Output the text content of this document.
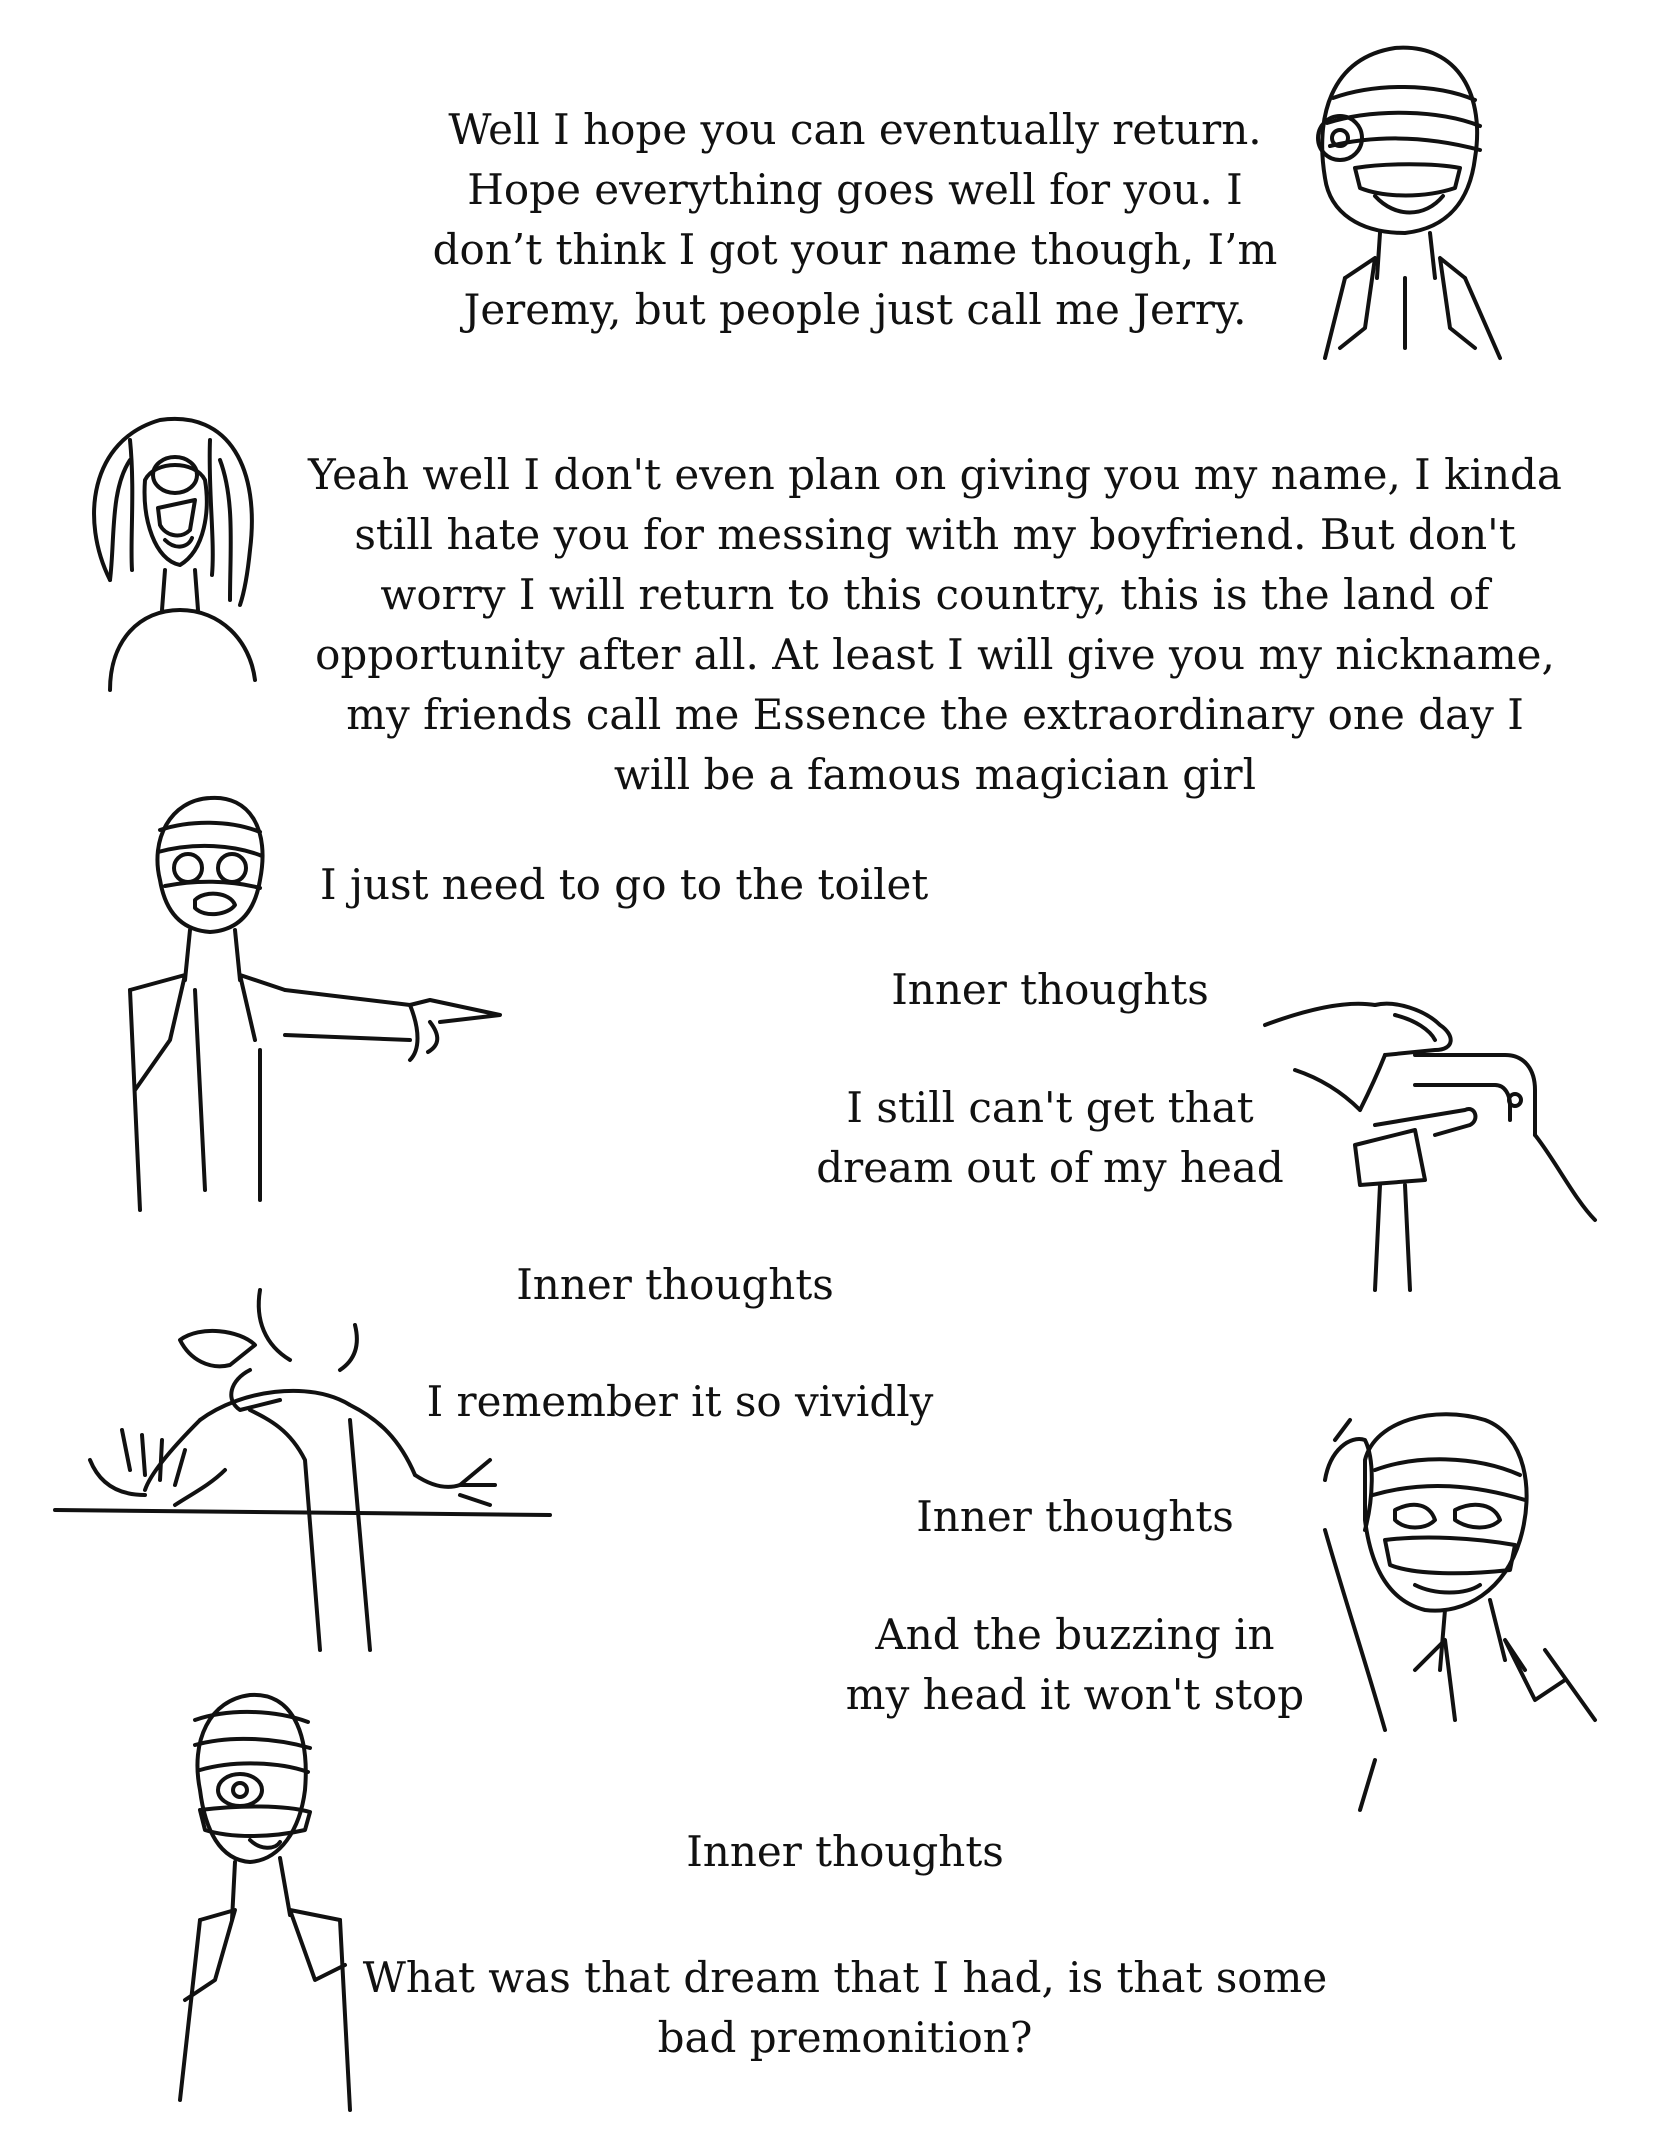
Well I hope you can eventually return. Hope everything goes well for you. I don’t think I got your name though, I’m Jeremy, but people just call me Jerry.
Yeah well I don't even plan on giving you my name, I kinda still hate you for messing with my boyfriend. But don't worry I will return to this country, this is the land of opportunity after all. At least I will give you my nickname, my friends call me Essence the extraordinary one day I will be a famous magician girl
I just need to go to the toilet
Inner thoughts
I still can't get that dream out of my head
Inner thoughts
I remember it so vividly
Inner thoughts
And the buzzing in my head it won't stop
Inner thoughts
What was that dream that I had, is that some bad premonition?
